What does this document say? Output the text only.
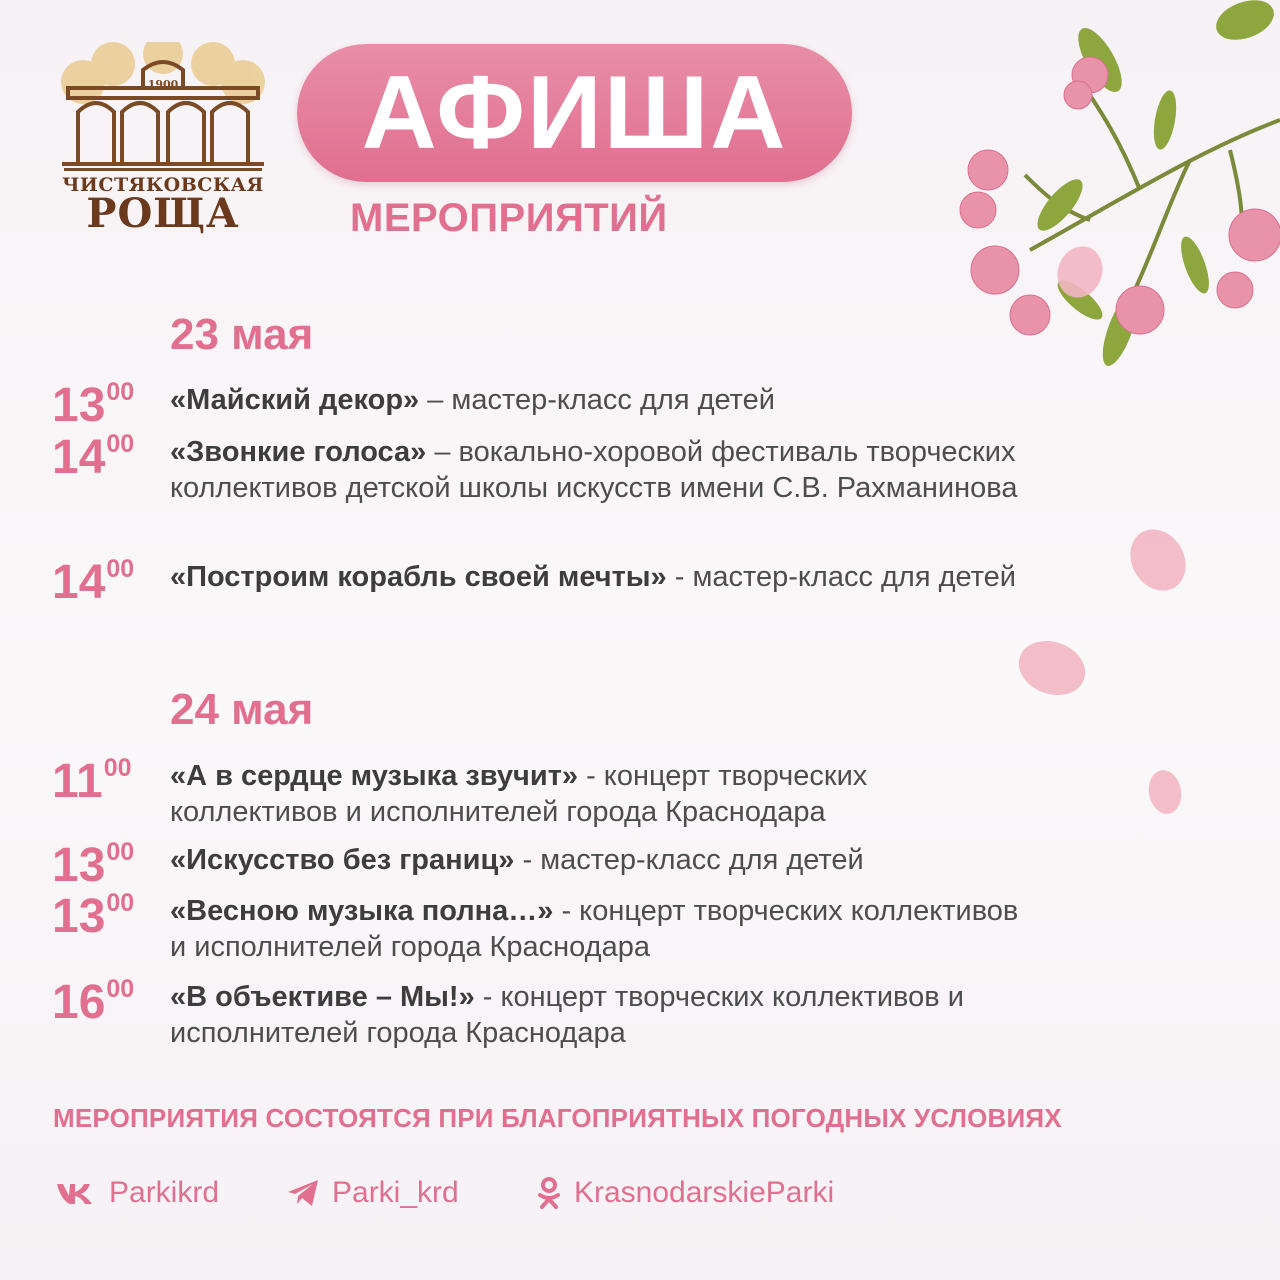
1900
ЧИСТЯКОВСКАЯ
РОЩА
АФИША
МЕРОПРИЯТИЙ
23 мая
$13^{00}$ «Майский декор» – мастер-класс для детей
$14^{00}$ «Звонкие голоса» – вокально-хоровой фестиваль творческих коллективов детской школы искусств имени С.В. Рахманинова
$14^{00}$ «Построим корабль своей мечты» - мастер-класс для детей
24 мая
$11^{00}$ «А в сердце музыка звучит» - концерт творческих коллективов и исполнителей города Краснодара
$13^{00}$ «Искусство без границ» - мастер-класс для детей
$13^{00}$ «Весною музыка полна…» - концерт творческих коллективов и исполнителей города Краснодара
$16^{00}$ «В объективе – Мы!» - концерт творческих коллективов и исполнителей города Краснодара
МЕРОПРИЯТИЯ СОСТОЯТСЯ ПРИ БЛАГОПРИЯТНЫХ ПОГОДНЫХ УСЛОВИЯХ
Parkikrd	Parki_krd	KrasnodarskieParki
